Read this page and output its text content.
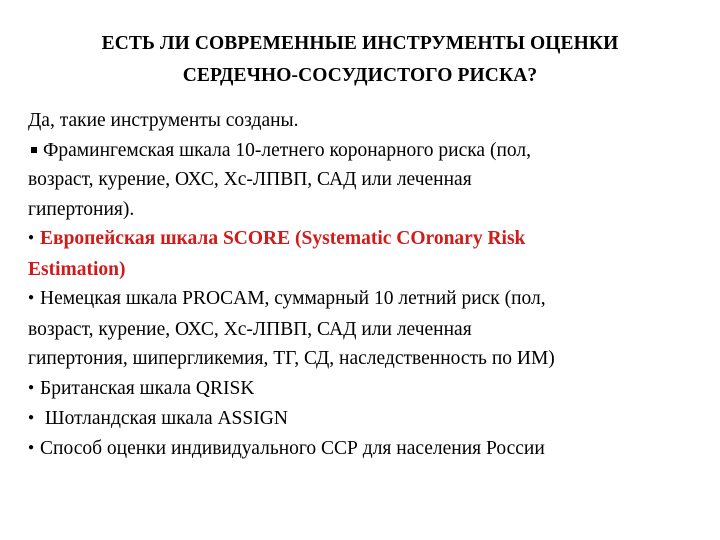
ЕСТЬ ЛИ СОВРЕМЕННЫЕ ИНСТРУМЕНТЫ ОЦЕНКИ
СЕРДЕЧНО-СОСУДИСТОГО РИСКА?
Да, такие инструменты созданы.
Фрамингемская шкала 10-летнего коронарного риска (пол,
возраст, курение, ОХС, Хс-ЛПВП, САД или леченная
гипертония).
● Европейская шкала SCORE (Systematic COronary Risk
Estimation)
● Немецкая шкала PROCAM, суммарный 10 летний риск (пол,
возраст, курение, ОХС, Хс-ЛПВП, САД или леченная
гипертония, шипергликемия, ТГ, СД, наследственность по ИМ)
● Британская шкала QRISK
● Шотландская шкала ASSIGN
● Способ оценки индивидуального ССР для населения России
